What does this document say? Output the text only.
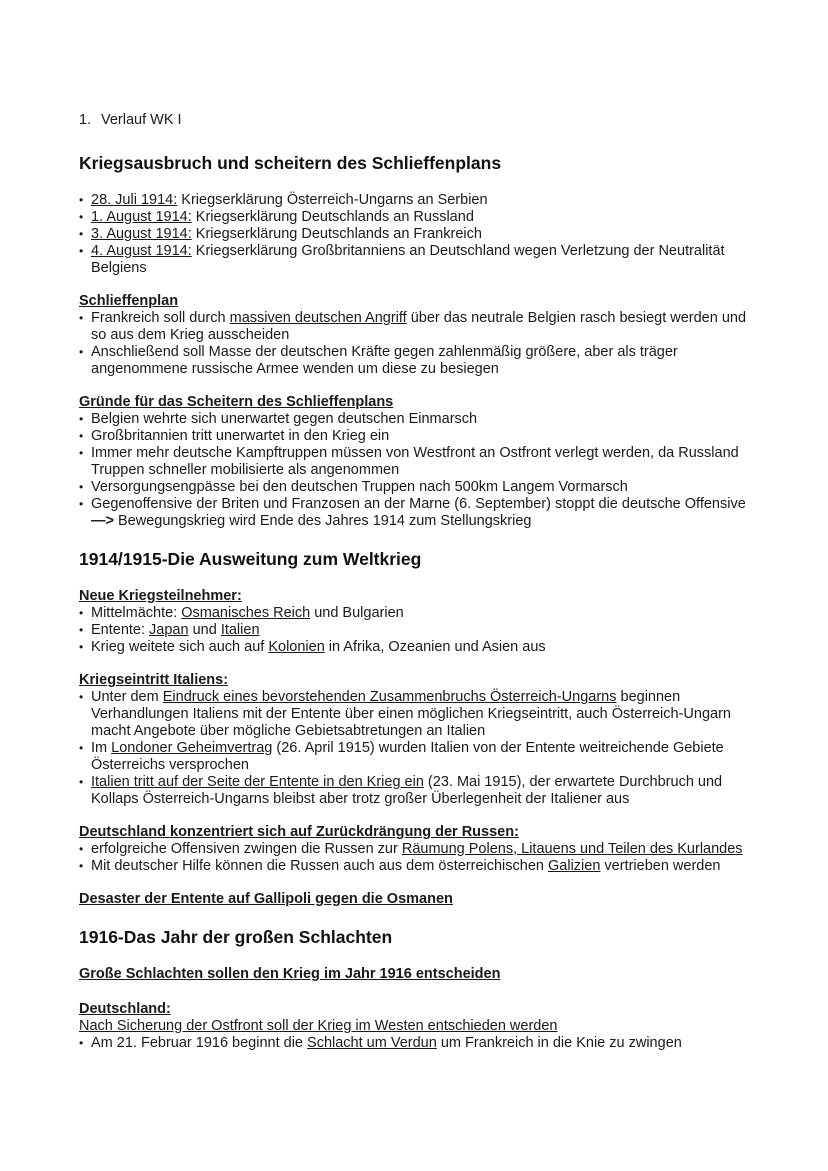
1. Verlauf WK I
Kriegsausbruch und scheitern des Schlieffenplans
• 28. Juli 1914: Kriegserklärung Österreich-Ungarns an Serbien
• 1. August 1914: Kriegserklärung Deutschlands an Russland
• 3. August 1914: Kriegserklärung Deutschlands an Frankreich
• 4. August 1914: Kriegserklärung Großbritanniens an Deutschland wegen Verletzung der Neutralität Belgiens

Schlieffenplan

• Frankreich soll durch massiven deutschen Angriff über das neutrale Belgien rasch besiegt werden und so aus dem Krieg ausscheiden
• Anschließend soll Masse der deutschen Kräfte gegen zahlenmäßig größere, aber als träger angenommene russische Armee wenden um diese zu besiegen

Gründe für das Scheitern des Schlieffenplans

• Belgien wehrte sich unerwartet gegen deutschen Einmarsch
• Großbritannien tritt unerwartet in den Krieg ein
• Immer mehr deutsche Kampftruppen müssen von Westfront an Ostfront verlegt werden, da Russland Truppen schneller mobilisierte als angenommen
• Versorgungsengpässe bei den deutschen Truppen nach 500km Langem Vormarsch
• Gegenoffensive der Briten und Franzosen an der Marne (6. September) stoppt die deutsche Offensive—> Bewegungskrieg wird Ende des Jahres 1914 zum Stellungskrieg
1914/1915-Die Ausweitung zum Weltkrieg

Neue Kriegsteilnehmer:

• Mittelmächte: Osmanisches Reich und Bulgarien
• Entente: Japan und Italien
• Krieg weitete sich auch auf Kolonien in Afrika, Ozeanien und Asien aus

Kriegseintritt Italiens:

• Unter dem Eindruck eines bevorstehenden Zusammenbruchs Österreich-Ungarns beginnen Verhandlungen Italiens mit der Entente über einen möglichen Kriegseintritt, auch Österreich-Ungarn macht Angebote über mögliche Gebietsabtretungen an Italien
• Im Londoner Geheimvertrag (26. April 1915) wurden Italien von der Entente weitreichende Gebiete Österreichs versprochen
• Italien tritt auf der Seite der Entente in den Krieg ein (23. Mai 1915), der erwartete Durchbruch und Kollaps Österreich-Ungarns bleibst aber trotz großer Überlegenheit der Italiener aus

Deutschland konzentriert sich auf Zurückdrängung der Russen:

• erfolgreiche Offensiven zwingen die Russen zur Räumung Polens, Litauens und Teilen des Kurlandes
• Mit deutscher Hilfe können die Russen auch aus dem österreichischen Galizien vertrieben werden

Desaster der Entente auf Gallipoli gegen die Osmanen

1916-Das Jahr der großen Schlachten

Große Schlachten sollen den Krieg im Jahr 1916 entscheiden

Deutschland:

Nach Sicherung der Ostfront soll der Krieg im Westen entschieden werden

• Am 21. Februar 1916 beginnt die Schlacht um Verdun um Frankreich in die Knie zu zwingen
